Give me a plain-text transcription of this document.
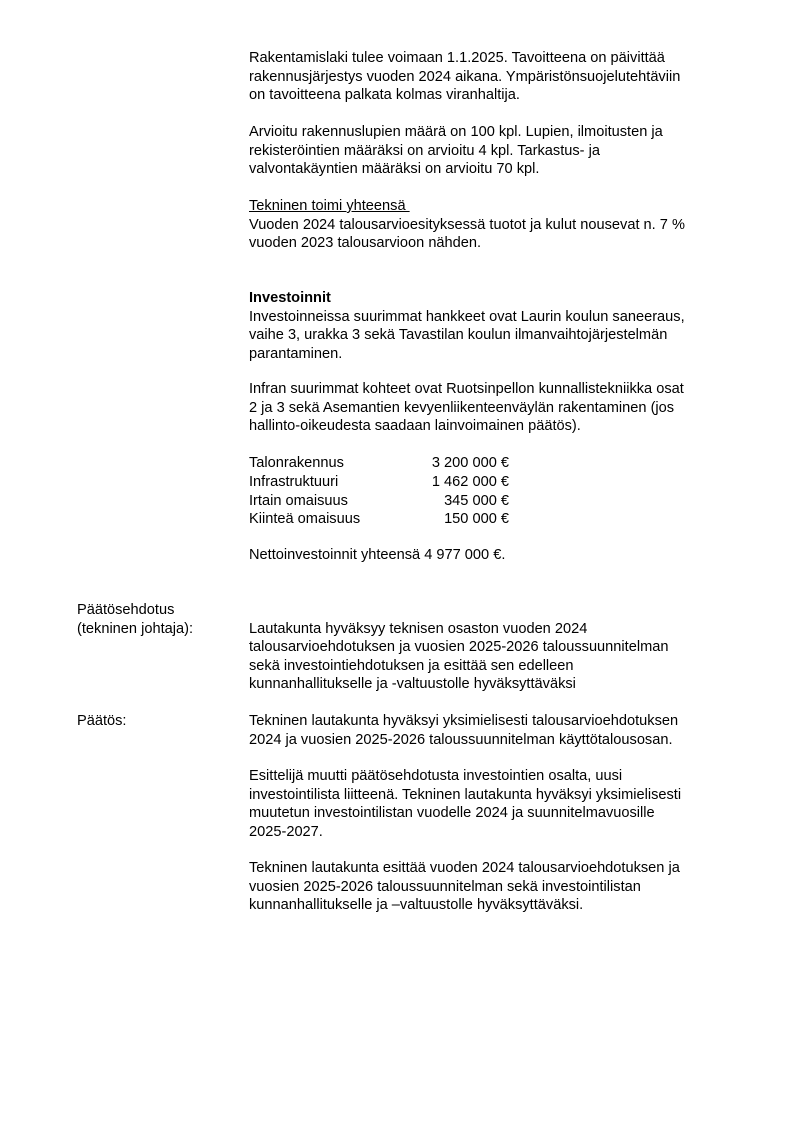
Rakentamislaki tulee voimaan 1.1.2025. Tavoitteena on päivittää
rakennusjärjestys vuoden 2024 aikana. Ympäristönsuojelutehtäviin
on tavoitteena palkata kolmas viranhaltija.
Arvioitu rakennuslupien määrä on 100 kpl. Lupien, ilmoitusten ja
rekisteröintien määräksi on arvioitu 4 kpl. Tarkastus- ja
valvontakäyntien määräksi on arvioitu 70 kpl.
Tekninen toimi yhteensä
Vuoden 2024 talousarvioesityksessä tuotot ja kulut nousevat n. 7 %
vuoden 2023 talousarvioon nähden.
Investoinnit
Investoinneissa suurimmat hankkeet ovat Laurin koulun saneeraus,
vaihe 3, urakka 3 sekä Tavastilan koulun ilmanvaihtojärjestelmän
parantaminen.
Infran suurimmat kohteet ovat Ruotsinpellon kunnallistekniikka osat
2 ja 3 sekä Asemantien kevyenliikenteenväylän rakentaminen (jos
hallinto-oikeudesta saadaan lainvoimainen päätös).
Talonrakennus	3 200 000 €
Infrastruktuuri	1 462 000 €
Irtain omaisuus	345 000 €
Kiinteä omaisuus	150 000 €
Nettoinvestoinnit yhteensä 4 977 000 €.
Päätösehdotus
(tekninen johtaja):	Lautakunta hyväksyy teknisen osaston vuoden 2024
talousarvioehdotuksen ja vuosien 2025-2026 taloussuunnitelman
sekä investointiehdotuksen ja esittää sen edelleen
kunnanhallitukselle ja -valtuustolle hyväksyttäväksi
Päätös:	Tekninen lautakunta hyväksyi yksimielisesti talousarvioehdotuksen
2024 ja vuosien 2025-2026 taloussuunnitelman käyttötalousosan.
Esittelijä muutti päätösehdotusta investointien osalta, uusi
investointilista liitteenä. Tekninen lautakunta hyväksyi yksimielisesti
muutetun investointilistan vuodelle 2024 ja suunnitelmavuosille
2025-2027.
Tekninen lautakunta esittää vuoden 2024 talousarvioehdotuksen ja
vuosien 2025-2026 taloussuunnitelman sekä investointilistan
kunnanhallitukselle ja –valtuustolle hyväksyttäväksi.
